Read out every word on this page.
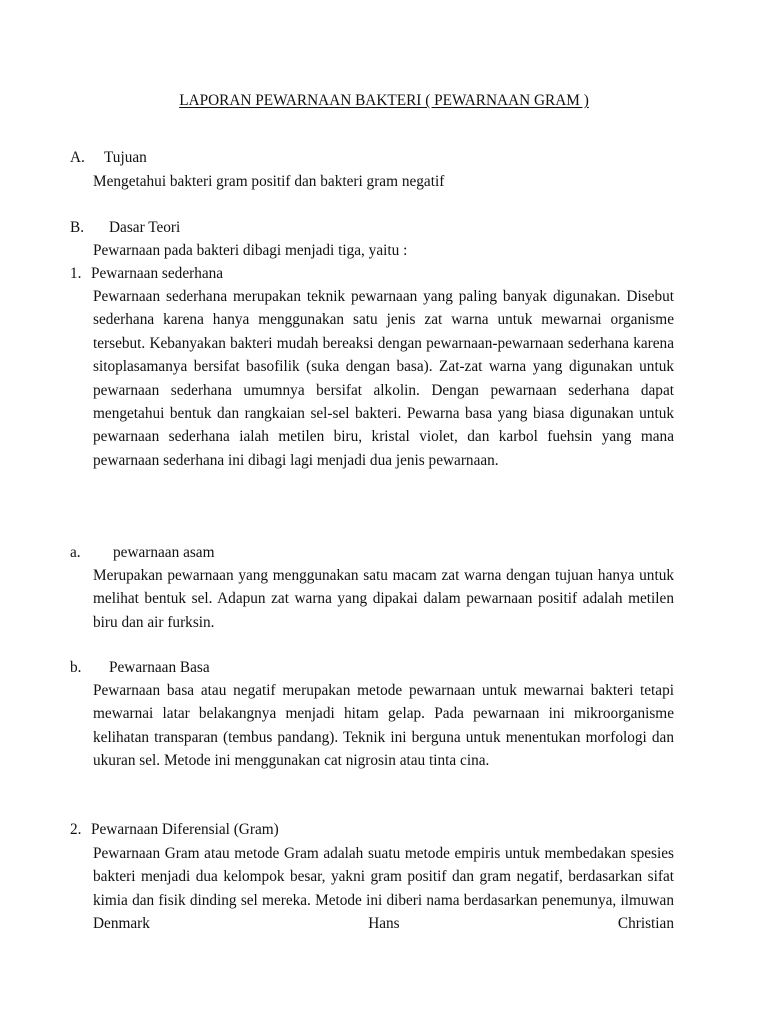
LAPORAN PEWARNAAN BAKTERI ( PEWARNAAN GRAM )
A. Tujuan

Mengetahui bakteri gram positif dan bakteri gram negatif

B. Dasar Teori

Pewarnaan pada bakteri dibagi menjadi tiga, yaitu :

1. Pewarnaan sederhana

Pewarnaan sederhana merupakan teknik pewarnaan yang paling banyak digunakan. Disebut sederhana karena hanya menggunakan satu jenis zat warna untuk mewarnai organisme tersebut. Kebanyakan bakteri mudah bereaksi dengan pewarnaan-pewarnaan sederhana karena sitoplasamanya bersifat basofilik (suka dengan basa). Zat-zat warna yang digunakan untuk pewarnaan sederhana umumnya bersifat alkolin. Dengan pewarnaan sederhana dapat mengetahui bentuk dan rangkaian sel-sel bakteri. Pewarna basa yang biasa digunakan untuk pewarnaan sederhana ialah metilen biru, kristal violet, dan karbol fuehsin yang mana pewarnaan sederhana ini dibagi lagi menjadi dua jenis pewarnaan.

a. pewarnaan asam

Merupakan pewarnaan yang menggunakan satu macam zat warna dengan tujuan hanya untuk melihat bentuk sel. Adapun zat warna yang dipakai dalam pewarnaan positif adalah metilen biru dan air furksin.

b. Pewarnaan Basa

Pewarnaan basa atau negatif merupakan metode pewarnaan untuk mewarnai bakteri tetapi mewarnai latar belakangnya menjadi hitam gelap. Pada pewarnaan ini mikroorganisme kelihatan transparan (tembus pandang). Teknik ini berguna untuk menentukan morfologi dan ukuran sel. Metode ini menggunakan cat nigrosin atau tinta cina.

2. Pewarnaan Diferensial (Gram)

Pewarnaan Gram atau metode Gram adalah suatu metode empiris untuk membedakan spesies bakteri menjadi dua kelompok besar, yakni gram positif dan gram negatif, berdasarkan sifat kimia dan fisik dinding sel mereka. Metode ini diberi nama berdasarkan penemunya, ilmuwan Denmark Hans Christian
